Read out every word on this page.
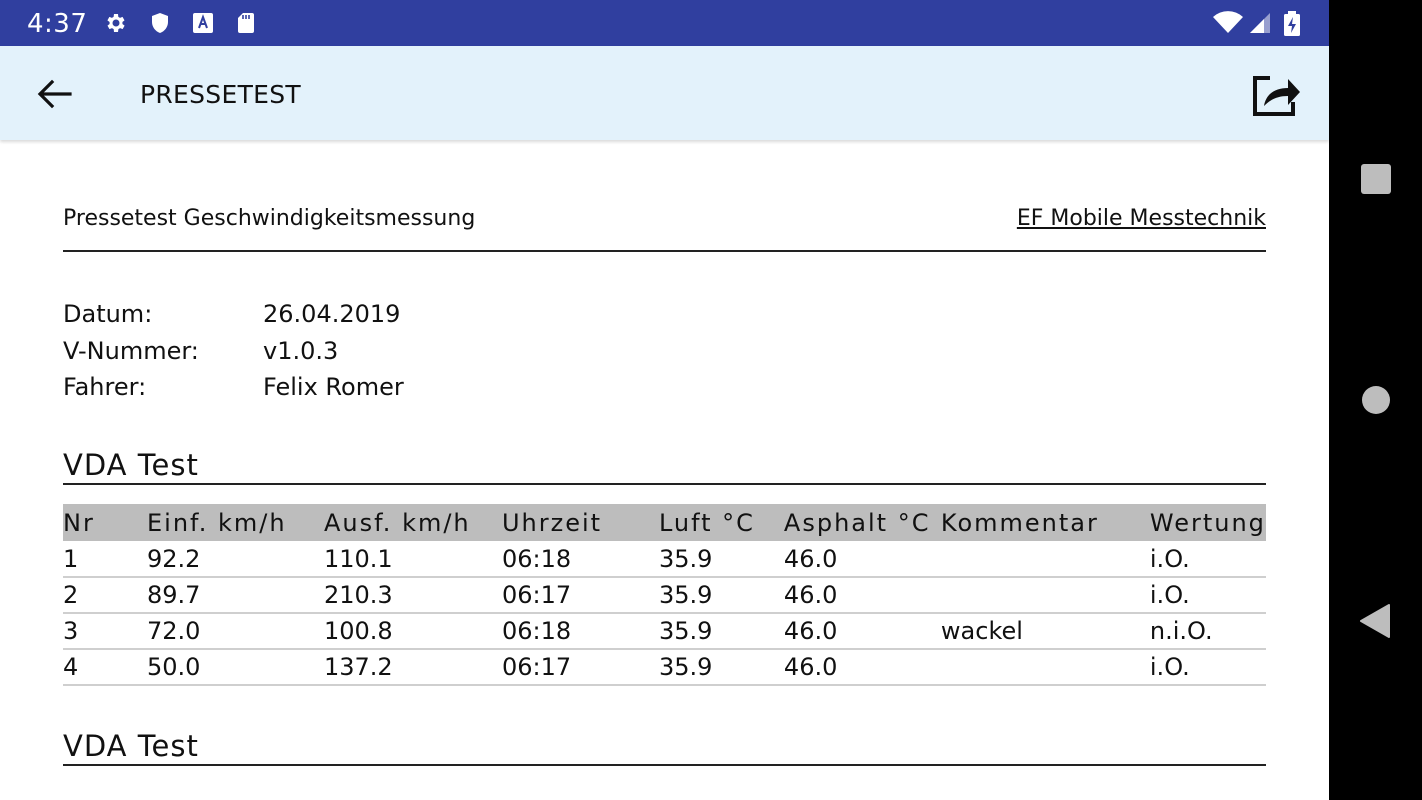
4:37
PRESSETEST
Pressetest Geschwindigkeitsmessung	EF Mobile Messtechnik
Datum:	26.04.2019
V-Nummer:	v1.0.3
Fahrer:	Felix Romer
VDA Test
Nr	Einf. km/h	Ausf. km/h	Uhrzeit	Luft °C	Asphalt °C	Kommentar	Wertung
1	92.2	110.1	06:18	35.9	46.0		i.O.
2	89.7	210.3	06:17	35.9	46.0		i.O.
3	72.0	100.8	06:18	35.9	46.0	wackel	n.i.O.
4	50.0	137.2	06:17	35.9	46.0		i.O.
VDA Test
